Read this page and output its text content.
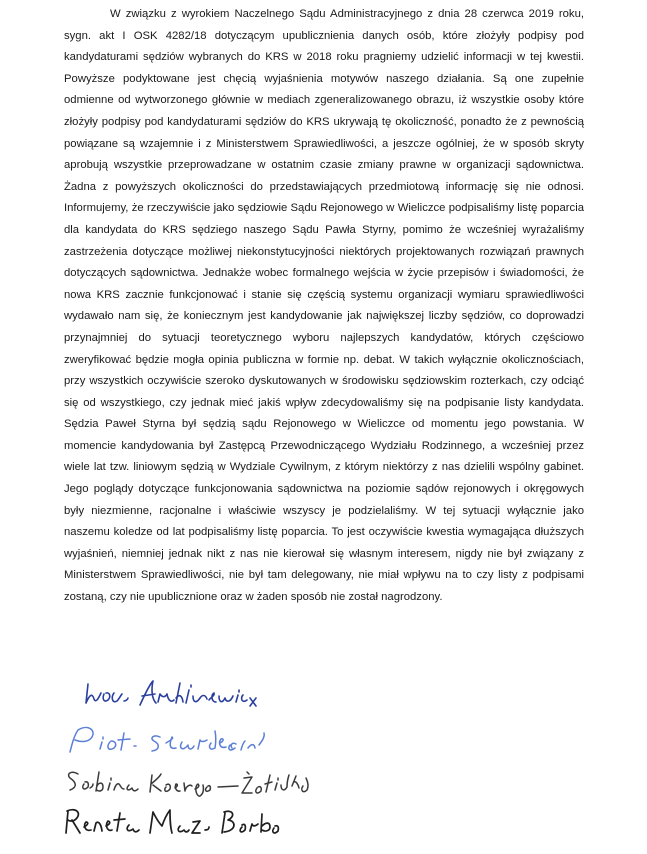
W związku z wyrokiem Naczelnego Sądu Administracyjnego z dnia 28 czerwca 2019 roku, sygn. akt I OSK 4282/18 dotyczącym upublicznienia danych osób, które złożyły podpisy pod kandydaturami sędziów wybranych do KRS w 2018 roku pragniemy udzielić informacji w tej kwestii. Powyższe podyktowane jest chęcią wyjaśnienia motywów naszego działania. Są one zupełnie odmienne od wytworzonego głównie w mediach zgeneralizowanego obrazu, iż wszystkie osoby które złożyły podpisy pod kandydaturami sędziów do KRS ukrywają tę okoliczność, ponadto że z pewnością powiązane są wzajemnie i z Ministerstwem Sprawiedliwości, a jeszcze ogólniej, że w sposób skryty aprobują wszystkie przeprowadzane w ostatnim czasie zmiany prawne w organizacji sądownictwa. Żadna z powyższych okoliczności do przedstawiających przedmiotową informację się nie odnosi. Informujemy, że rzeczywiście jako sędziowie Sądu Rejonowego w Wieliczce podpisaliśmy listę poparcia dla kandydata do KRS sędziego naszego Sądu Pawła Styrny, pomimo że wcześniej wyrażaliśmy zastrzeżenia dotyczące możliwej niekonstytucyjności niektórych projektowanych rozwiązań prawnych dotyczących sądownictwa. Jednakże wobec formalnego wejścia w życie przepisów i świadomości, że nowa KRS zacznie funkcjonować i stanie się częścią systemu organizacji wymiaru sprawiedliwości wydawało nam się, że koniecznym jest kandydowanie jak największej liczby sędziów, co doprowadzi przynajmniej do sytuacji teoretycznego wyboru najlepszych kandydatów, których częściowo zweryfikować będzie mogła opinia publiczna w formie np. debat. W takich wyłącznie okolicznościach, przy wszystkich oczywiście szeroko dyskutowanych w środowisku sędziowskim rozterkach, czy odciąć się od wszystkiego, czy jednak mieć jakiś wpływ zdecydowaliśmy się na podpisanie listy kandydata. Sędzia Paweł Styrna był sędzią sądu Rejonowego w Wieliczce od momentu jego powstania. W momencie kandydowania był Zastępcą Przewodniczącego Wydziału Rodzinnego, a wcześniej przez wiele lat tzw. liniowym sędzią w Wydziale Cywilnym, z którym niektórzy z nas dzielili wspólny gabinet. Jego poglądy dotyczące funkcjonowania sądownictwa na poziomie sądów rejonowych i okręgowych były niezmienne, racjonalne i właściwie wszyscy je podzielaliśmy. W tej sytuacji wyłącznie jako naszemu koledze od lat podpisaliśmy listę poparcia. To jest oczywiście kwestia wymagająca dłuższych wyjaśnień, niemniej jednak nikt z nas nie kierował się własnym interesem, nigdy nie był związany z Ministerstwem Sprawiedliwości, nie był tam delegowany, nie miał wpływu na to czy listy z podpisami zostaną, czy nie upublicznione oraz w żaden sposób nie został nagrodzony.
